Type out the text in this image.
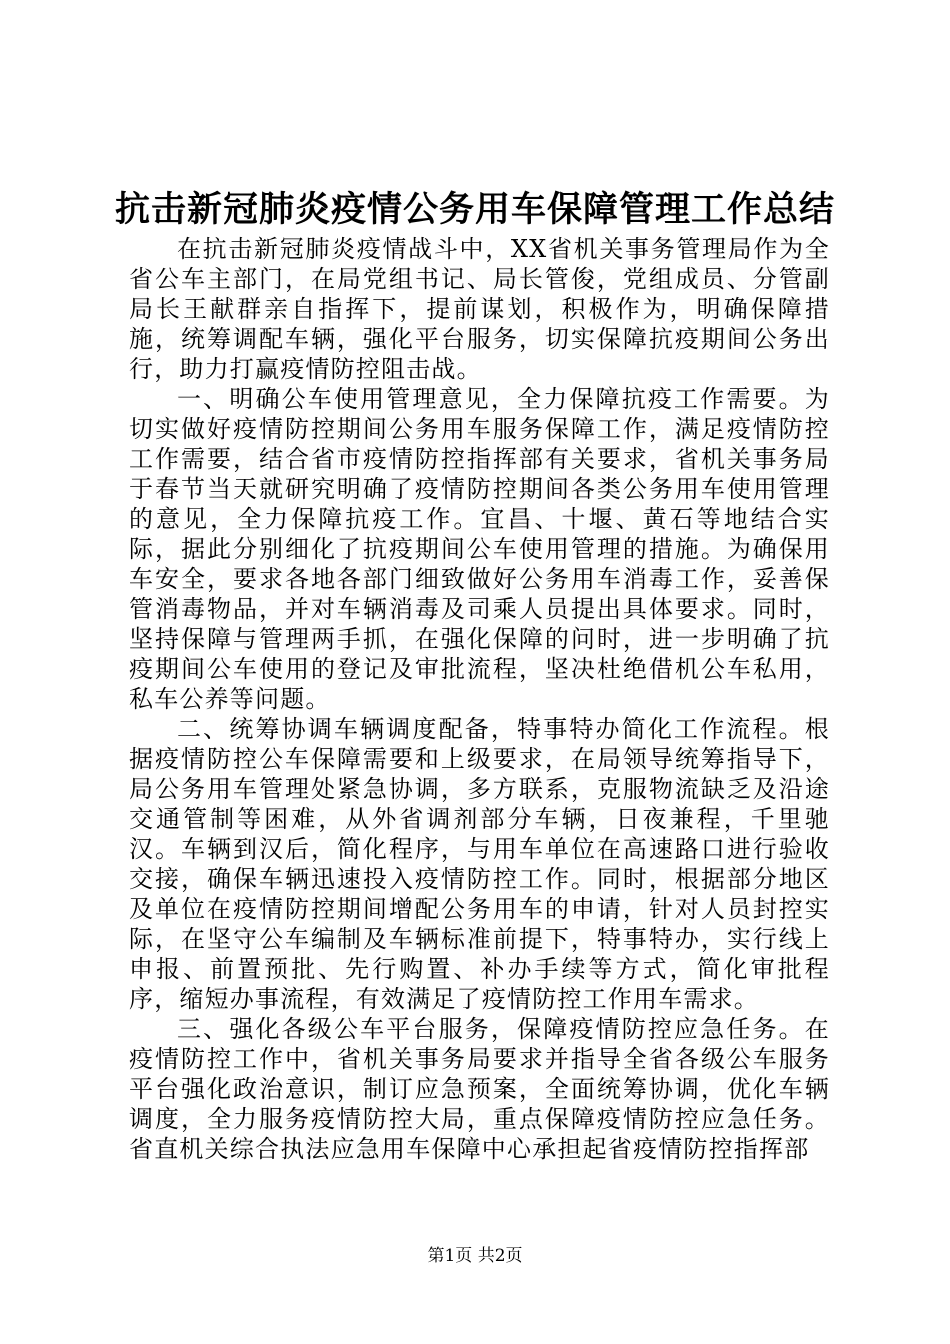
抗击新冠肺炎疫情公务用车保障管理工作总结

在抗击新冠肺炎疫情战斗中，XX省机关事务管理局作为全省公车主部门，在局党组书记、局长管俊，党组成员、分管副局长王献群亲自指挥下，提前谋划，积极作为，明确保障措施，统筹调配车辆，强化平台服务，切实保障抗疫期间公务出行，助力打赢疫情防控阻击战。

一、明确公车使用管理意见，全力保障抗疫工作需要。为切实做好疫情防控期间公务用车服务保障工作，满足疫情防控工作需要，结合省市疫情防控指挥部有关要求，省机关事务局于春节当天就研究明确了疫情防控期间各类公务用车使用管理的意见，全力保障抗疫工作。宜昌、十堰、黄石等地结合实际，据此分别细化了抗疫期间公车使用管理的措施。为确保用车安全，要求各地各部门细致做好公务用车消毒工作，妥善保管消毒物品，并对车辆消毒及司乘人员提出具体要求。同时，坚持保障与管理两手抓，在强化保障的问时，进一步明确了抗疫期间公车使用的登记及审批流程，坚决杜绝借机公车私用，私车公养等问题。

二、统筹协调车辆调度配备，特事特办简化工作流程。根据疫情防控公车保障需要和上级要求，在局领导统筹指导下，局公务用车管理处紧急协调，多方联系，克服物流缺乏及沿途交通管制等困难，从外省调剂部分车辆，日夜兼程，千里驰汉。车辆到汉后，简化程序，与用车单位在高速路口进行验收交接，确保车辆迅速投入疫情防控工作。同时，根据部分地区及单位在疫情防控期间增配公务用车的申请，针对人员封控实际，在坚守公车编制及车辆标准前提下，特事特办，实行线上申报、前置预批、先行购置、补办手续等方式，简化审批程序，缩短办事流程，有效满足了疫情防控工作用车需求。

三、强化各级公车平台服务，保障疫情防控应急任务。在疫情防控工作中，省机关事务局要求并指导全省各级公车服务平台强化政治意识，制订应急预案，全面统筹协调，优化车辆调度，全力服务疫情防控大局，重点保障疫情防控应急任务。省直机关综合执法应急用车保障中心承担起省疫情防控指挥部

第1页 共2页
